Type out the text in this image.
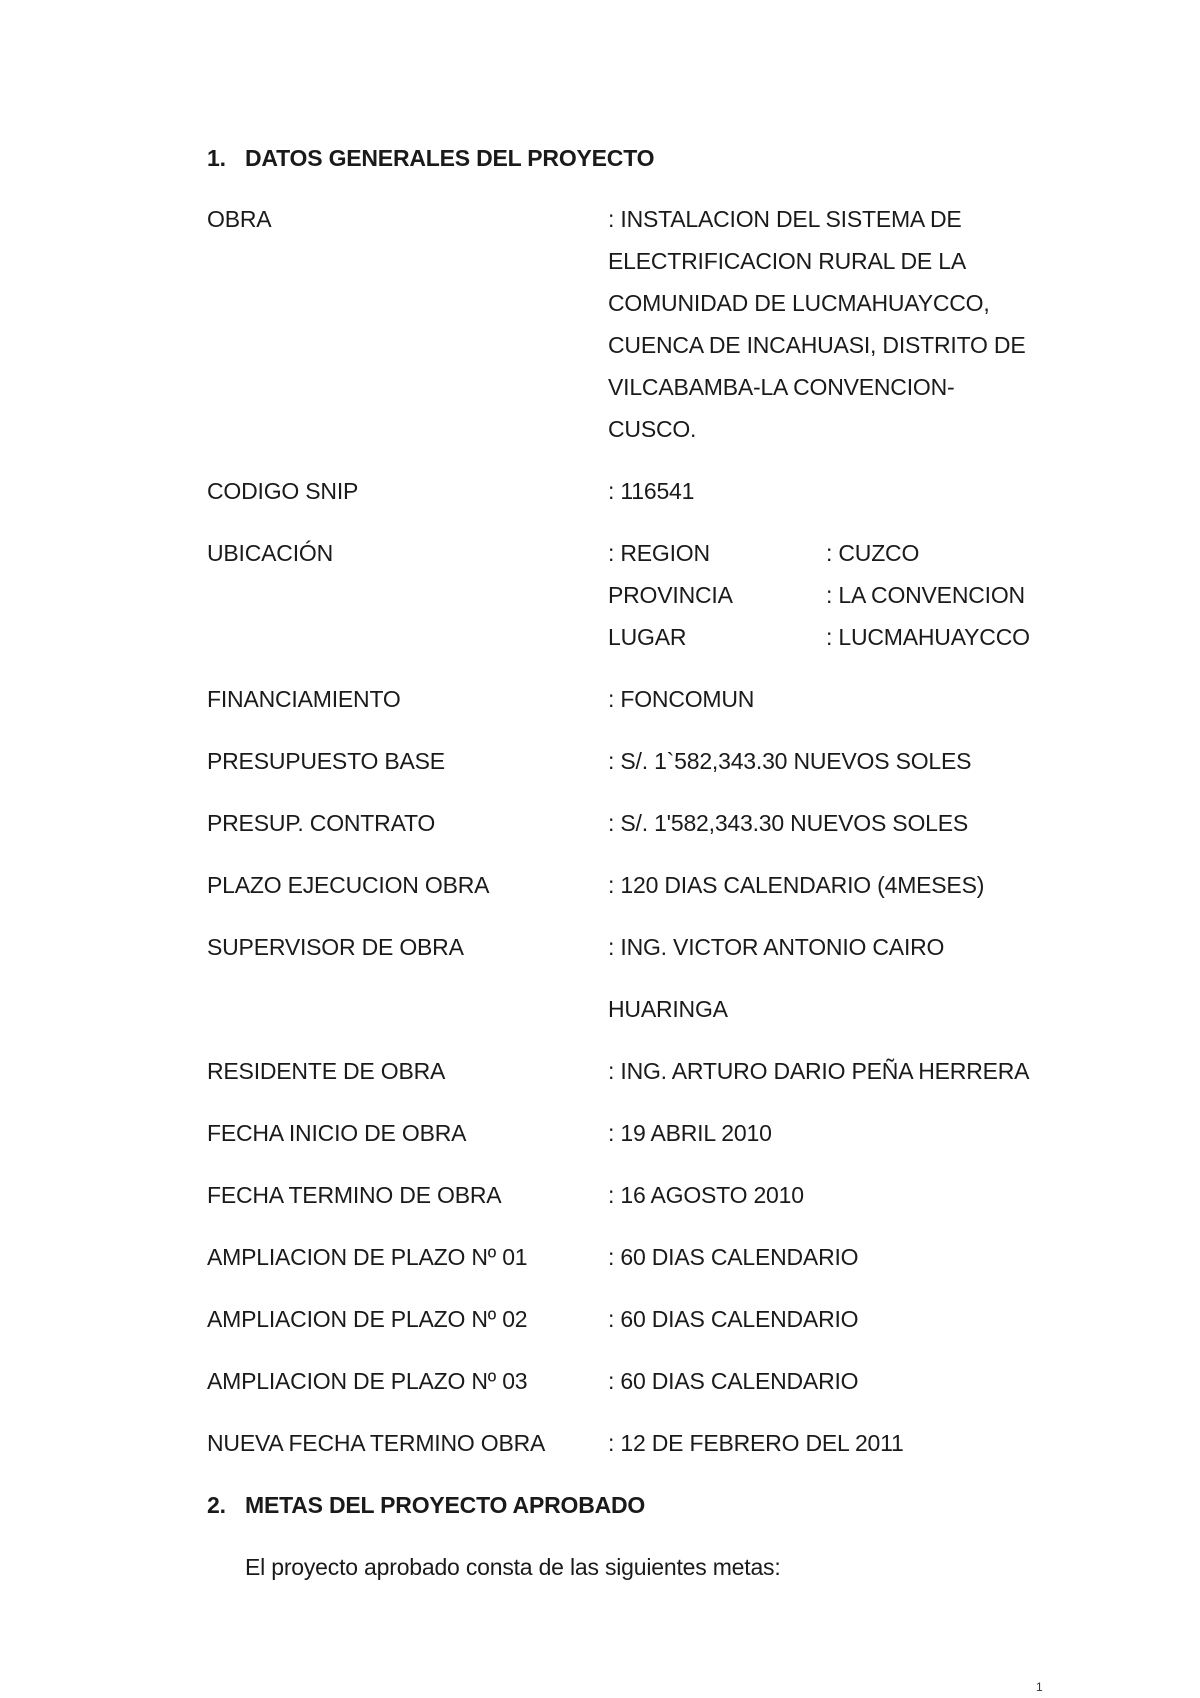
1. DATOS GENERALES DEL PROYECTO
OBRA	: INSTALACION DEL SISTEMA DE
ELECTRIFICACION RURAL DE LA
COMUNIDAD DE LUCMAHUAYCCO,
CUENCA DE INCAHUASI, DISTRITO DE
VILCABAMBA-LA CONVENCION-
CUSCO.
CODIGO SNIP	: 116541
UBICACIÓN	: REGION	: CUZCO
PROVINCIA	: LA CONVENCION
LUGAR	: LUCMAHUAYCCO
FINANCIAMIENTO	: FONCOMUN
PRESUPUESTO BASE	: S/. 1`582,343.30 NUEVOS SOLES
PRESUP. CONTRATO	: S/. 1'582,343.30 NUEVOS SOLES
PLAZO EJECUCION OBRA	: 120 DIAS CALENDARIO (4MESES)
SUPERVISOR DE OBRA	: ING. VICTOR ANTONIO CAIRO
HUARINGA
RESIDENTE DE OBRA	: ING. ARTURO DARIO PEÑA HERRERA
FECHA INICIO DE OBRA	: 19 ABRIL 2010
FECHA TERMINO DE OBRA	: 16 AGOSTO 2010
AMPLIACION DE PLAZO Nº 01	: 60 DIAS CALENDARIO
AMPLIACION DE PLAZO Nº 02	: 60 DIAS CALENDARIO
AMPLIACION DE PLAZO Nº 03	: 60 DIAS CALENDARIO
NUEVA FECHA TERMINO OBRA	: 12 DE FEBRERO DEL 2011
2. METAS DEL PROYECTO APROBADO
El proyecto aprobado consta de las siguientes metas:
1
